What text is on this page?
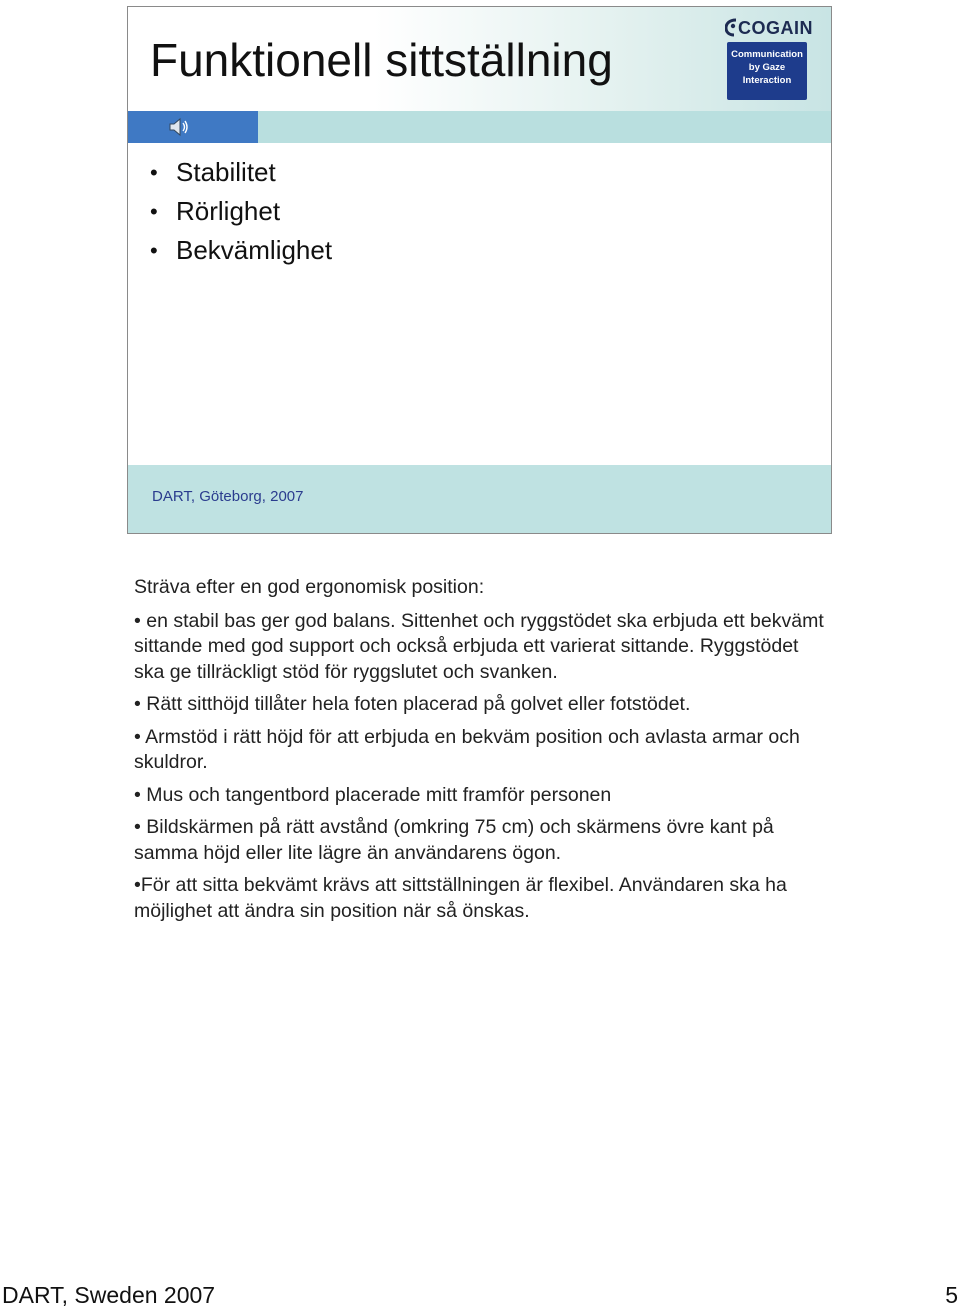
Funktionell sittställning
COGAIN
Communication
by Gaze
Interaction
• Stabilitet
• Rörlighet
• Bekvämlighet
DART, Göteborg, 2007

Sträva efter en god ergonomisk position:

• en stabil bas ger god balans. Sittenhet och ryggstödet ska erbjuda ett bekvämt sittande med god support och också erbjuda ett varierat sittande. Ryggstödet ska ge tillräckligt stöd för ryggslutet och svanken.

• Rätt sitthöjd tillåter hela foten placerad på golvet eller fotstödet.

• Armstöd i rätt höjd för att erbjuda en bekväm position och avlasta armar och skuldror.

• Mus och tangentbord placerade mitt framför personen

• Bildskärmen på rätt avstånd (omkring 75 cm) och skärmens övre kant på samma höjd eller lite lägre än användarens ögon.

•För att sitta bekvämt krävs att sittställningen är flexibel. Användaren ska ha möjlighet att ändra sin position när så önskas.

DART, Sweden 2007	5
